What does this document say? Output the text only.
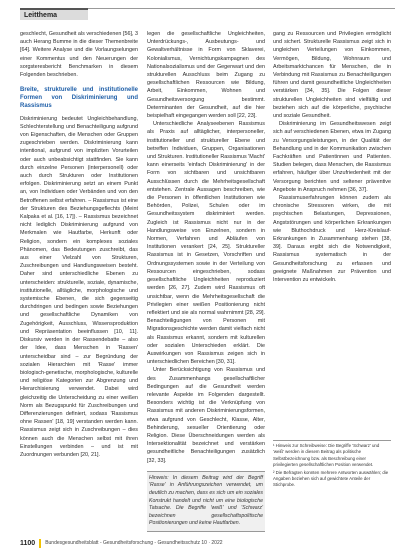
Leitthema

geschlecht, Gesundheit als verschiedenen [56], 3 auch Herang Bumme in die dieser Themenbreite [64]. Weitere Analyse und die Vorlaungselungen einer Kommentus und den Neuerungen der sorgsteresbericht Benchmarken in diesem Folgenden beschrieben.

Breite, strukturelle und institutionelle Formen von Diskriminierung und Rassismus

Diskriminierung bedeutet Ungleichbehandlung, Schlechterstellung und Benachteiligung aufgrund von Eigenschaften, die Menschen oder Gruppen zugeschrieben werden. Diskriminierung kann intentional, aufgrund von impliziten Vorurteilen oder auch unbeabsichtigt stattfinden. Sie kann durch einzelne Personen (interpersonell) oder auch durch Strukturen oder Institutionen erfolgen. Diskriminierung setzt an einem Punkt an, von Individuen oder Verbänden und von den Betroffenen selbst erfahren. – Rassismus ist eine der Strukturen des Beziehungsgeflechts (Meint Kalpaka et al. [16, 17]). – Rassismus bezeichnet nicht lediglich Diskriminierung aufgrund von Merkmalen wie Hautfarbe, Herkunft oder Religion, sondern ein komplexes soziales Phänomen, das Bedeutungen zuschreibt, das aus einer Vielzahl von Strukturen, Zuschreibungen und Handlungsweisen besteht. Daher sind unterschiedliche Ebenen zu unterscheiden: strukturelle, soziale, dynamische, institutionelle, alltägliche, morphologische und systemische Ebenen, die sich gegenseitig durchdringen und bedingen sowie Beziehungen und gesellschaftliche Dynamiken von Zugehörigkeit, Ausschluss, Wissensproduktion und Repräsentation beeinflussen [10, 11]. Diskursiv werden in der Rassendebatte – also der Idee, dass Menschen in 'Rassen' unterscheidbar sind – zur Begründung der sozialen Hierarchien mit 'Rasse' immer biologisch-genetische, morphologische, kulturelle und religiöse Kategorien zur Abgrenzung und Hierarchisierung verwendet. Dabei wird gleichzeitig die Unterscheidung zu einer weißen Norm als Bezugspunkt für Zuschreibungen und Differenzierungen definiert, sodass 'Rassismus ohne Rassen' [18, 19] verstanden werden kann. Rassismus zeigt sich in Zuschreibungen – dies können auch die Menschen selbst mit ihren Einstellungen verbinden – und ist mit Zuordnungen verbunden [20, 21].

legen die gesellschaftliche Ungleichheiten, Unterdrückungs-, Ausbeutungs- und Gewaltverhältnisse in Form von Sklaverei, Kolonialismus, Vernichtungskampagnen des Nationalsozialismus und der Gegenwart und den strukturellen Ausschluss beim Zugang zu gesellschaftlichen Ressourcen wie Bildung, Arbeit, Einkommen, Wohnen und Gesundheitsversorgung bestimmt. Determinanten der Gesundheit, auf die hier beispielhaft eingegangen werden soll [22, 23].

Unterschiedliche Analyseebenen Rassismus als Praxis auf alltäglicher, interpersoneller, institutioneller und struktureller Ebene und betreffen Individuen, Gruppen, Organisationen und Strukturen. Institutioneller Rassismus 'Macht' kann einerseits 'einfach Diskriminierung' in der Form von sichtbaren und unsichtbaren Ausschlüssen durch die Mehrheitsgesellschaft entstehen. Zentrale Aussagen beschreiben, wie die Personen in öffentlichen Institutionen wie Behörden, Polizei, Schulen oder im Gesundheitssystem diskriminiert werden. Zugleich ist Rassismus nicht nur in der Handlungsweise von Einzelnen, sondern in Normen, Verfahren und Abläufen von Institutionen verankert [24, 25]. Struktureller Rassismus ist in Gesetzen, Vorschriften und Ordnungssystemen sowie in der Verteilung von Ressourcen eingeschrieben, sodass gesellschaftliche Ungleichheiten reproduziert werden [26, 27]. Zudem wird Rassismus oft unsichtbar, wenn die Mehrheitsgesellschaft die Privilegien einer weißen Positionierung nicht reflektiert und sie als normal wahrnimmt [28, 29]. Benachteiligungen von Personen mit Migrationsgeschichte werden damit vielfach nicht als Rassismus erkannt, sondern mit kulturellen oder sozialen Unterschieden erklärt. Die Auswirkungen von Rassismus zeigen sich in unterschiedlichen Bereichen [30, 31].

Unter Berücksichtigung von Rassismus und des Zusammenhangs gesellschaftlicher Bedingungen auf die Gesundheit werden relevante Aspekte im Folgenden dargestellt. Besonders wichtig ist die Verknüpfung von Rassismus mit anderen Diskriminierungsformen, etwa aufgrund von Geschlecht, Klasse, Alter, Behinderung, sexueller Orientierung oder Religion. Diese Überschneidungen werden als Intersektionalität bezeichnet und verstärken gesundheitliche Benachteiligungen zusätzlich [32, 33].

Hinweis: In diesem Beitrag wird der Begriff 'Rasse' in Anführungszeichen verwendet, um deutlich zu machen, dass es sich um ein soziales Konstrukt handelt und nicht um eine biologische Tatsache. Die Begriffe 'weiß' und 'Schwarz' bezeichnen gesellschaftspolitische Positionierungen und keine Hautfarben.

gang zu Ressourcen und Privilegien ermöglicht und sichert. Strukturelle Rassismus zeigt sich in ungleichen Verteilungen von Einkommen, Vermögen, Bildung, Wohnraum und Arbeitsmarktchancen für Menschen, die in Verbindung mit Rassismus zu Benachteiligungen führen und damit gesundheitliche Ungleichheiten verstärken [34, 35]. Die Folgen dieser strukturellen Ungleichheiten sind vielfältig und beziehen sich auf die körperliche, psychische und soziale Gesundheit.

Diskriminierung im Gesundheitswesen zeigt sich auf verschiedenen Ebenen, etwa im Zugang zu Versorgungsleistungen, in der Qualität der Behandlung und in der Kommunikation zwischen Fachkräften und Patientinnen und Patienten. Studien belegen, dass Menschen, die Rassismus erfahren, häufiger über Unzufriedenheit mit der Versorgung berichten und seltener präventive Angebote in Anspruch nehmen [36, 37].

Rassismuserfahrungen können zudem als chronische Stressoren wirken, die mit psychischen Belastungen, Depressionen, Angststörungen und körperlichen Erkrankungen wie Bluthochdruck und Herz-Kreislauf-Erkrankungen in Zusammenhang stehen [38, 39]. Daraus ergibt sich die Notwendigkeit, Rassismus systematisch in der Gesundheitsforschung zu erfassen und geeignete Maßnahmen zur Prävention und Intervention zu entwickeln.

¹ Hinweis zur Schreibweise: Die Begriffe 'Schwarz' und 'weiß' werden in diesem Beitrag als politische Selbstbezeichnung bzw. als Beschreibung einer privilegierten gesellschaftlichen Position verwendet.

² Die Befragten konnten mehrere Antworten auswählen; die Angaben beziehen sich auf gewichtete Anteile der Stichprobe.

1100	Bundesgesundheitsblatt - Gesundheitsforschung - Gesundheitsschutz 10 · 2022
